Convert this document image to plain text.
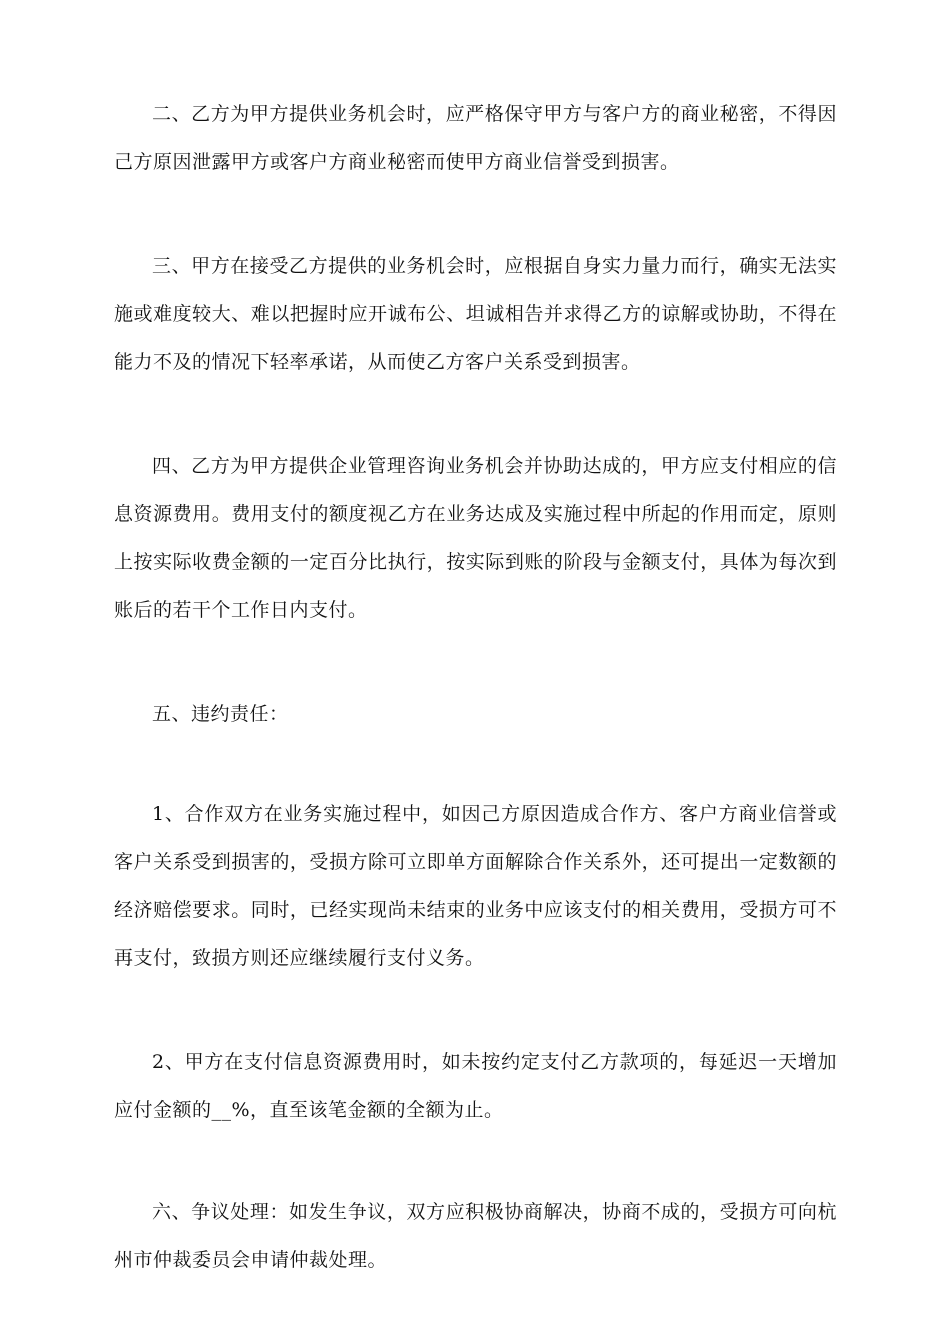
二、乙方为甲方提供业务机会时，应严格保守甲方与客户方的商业秘密，不得因己方原因泄露甲方或客户方商业秘密而使甲方商业信誉受到损害。

三、甲方在接受乙方提供的业务机会时，应根据自身实力量力而行，确实无法实施或难度较大、难以把握时应开诚布公、坦诚相告并求得乙方的谅解或协助，不得在能力不及的情况下轻率承诺，从而使乙方客户关系受到损害。

四、乙方为甲方提供企业管理咨询业务机会并协助达成的，甲方应支付相应的信息资源费用。费用支付的额度视乙方在业务达成及实施过程中所起的作用而定，原则上按实际收费金额的一定百分比执行，按实际到账的阶段与金额支付，具体为每次到账后的若干个工作日内支付。

五、违约责任：

1、合作双方在业务实施过程中，如因己方原因造成合作方、客户方商业信誉或客户关系受到损害的，受损方除可立即单方面解除合作关系外，还可提出一定数额的经济赔偿要求。同时，已经实现尚未结束的业务中应该支付的相关费用，受损方可不再支付，致损方则还应继续履行支付义务。

2、甲方在支付信息资源费用时，如未按约定支付乙方款项的，每延迟一天增加应付金额的__%，直至该笔金额的全额为止。

六、争议处理：如发生争议，双方应积极协商解决，协商不成的，受损方可向杭州市仲裁委员会申请仲裁处理。
